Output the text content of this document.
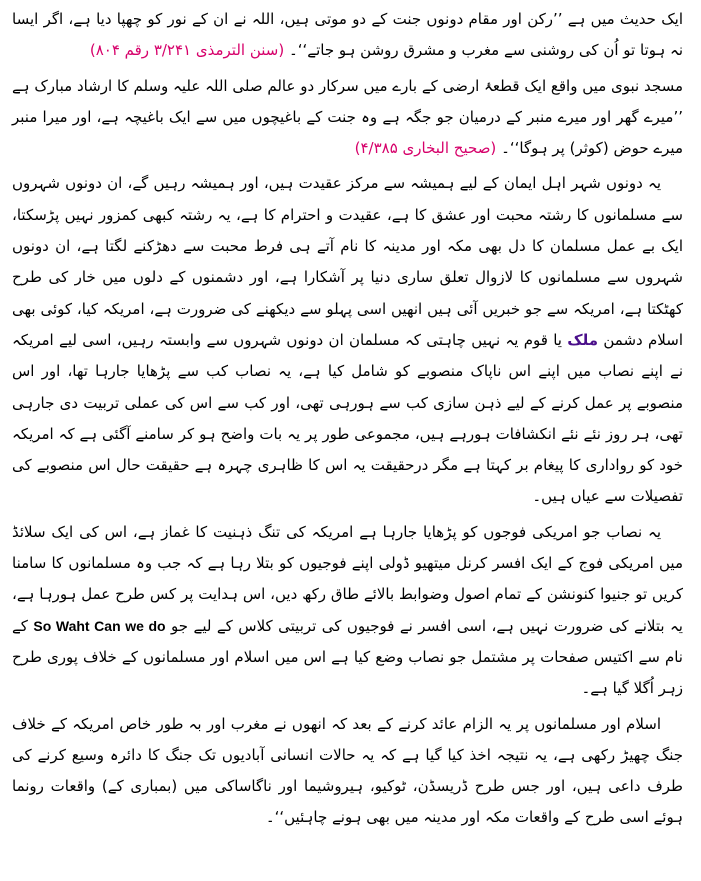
ایک حدیث میں ہے ’’رکن اور مقام دونوں جنت کے دو موتی ہیں، اللہ نے ان کے نور کو چھپا دیا ہے، اگر ایسا نہ ہوتا تو اُن کی روشنی سے مغرب و مشرق روشن ہو جاتے‘‘۔ (سنن الترمذی ۳/۲۴۱ رقم ۸۰۴)

مسجد نبوی میں واقع ایک قطعۂ ارضی کے بارے میں سرکار دو عالم صلی اللہ علیہ وسلم کا ارشاد مبارک ہے ’’میرے گھر اور میرے منبر کے درمیان جو جگہ ہے وہ جنت کے باغیچوں میں سے ایک باغیچہ ہے، اور میرا منبر میرے حوض (کوثر) پر ہوگا‘‘۔ (صحیح البخاری ۴/۳۸۵)

یہ دونوں شہر اہل ایمان کے لیے ہمیشہ سے مرکز عقیدت ہیں، اور ہمیشہ رہیں گے، ان دونوں شہروں سے مسلمانوں کا رشتہ محبت اور عشق کا ہے، عقیدت و احترام کا ہے، یہ رشتہ کبھی کمزور نہیں پڑسکتا، ایک بے عمل مسلمان کا دل بھی مکہ اور مدینہ کا نام آتے ہی فرط محبت سے دھڑکنے لگتا ہے، ان دونوں شہروں سے مسلمانوں کا لازوال تعلق ساری دنیا پر آشکارا ہے، اور دشمنوں کے دلوں میں خار کی طرح کھٹکتا ہے، امریکہ سے جو خبریں آئی ہیں انھیں اسی پہلو سے دیکھنے کی ضرورت ہے، امریکہ کیا، کوئی بھی اسلام دشمن ملک یا قوم یہ نہیں چاہتی کہ مسلمان ان دونوں شہروں سے وابستہ رہیں، اسی لیے امریکہ نے اپنے نصاب میں اپنے اس ناپاک منصوبے کو شامل کیا ہے، یہ نصاب کب سے پڑھایا جارہا تھا، اور اس منصوبے پر عمل کرنے کے لیے ذہن سازی کب سے ہورہی تھی، اور کب سے اس کی عملی تربیت دی جارہی تھی، ہر روز نئے نئے انکشافات ہورہے ہیں، مجموعی طور پر یہ بات واضح ہو کر سامنے آگئی ہے کہ امریکہ خود کو رواداری کا پیغام بر کہتا ہے مگر درحقیقت یہ اس کا ظاہری چہرہ ہے حقیقت حال اس منصوبے کی تفصیلات سے عیاں ہیں۔

یہ نصاب جو امریکی فوجوں کو پڑھایا جارہا ہے امریکہ کی تنگ ذہنیت کا غماز ہے، اس کی ایک سلائڈ میں امریکی فوج کے ایک افسر کرنل میتھیو ڈولی اپنے فوجیوں کو بتلا رہا ہے کہ جب وہ مسلمانوں کا سامنا کریں تو جنیوا کنونشن کے تمام اصول وضوابط بالائے طاق رکھ دیں، اس ہدایت پر کس طرح عمل ہورہا ہے، یہ بتلانے کی ضرورت نہیں ہے، اسی افسر نے فوجیوں کی تربیتی کلاس کے لیے جو So Waht Can we do کے نام سے اکتیس صفحات پر مشتمل جو نصاب وضع کیا ہے اس میں اسلام اور مسلمانوں کے خلاف پوری طرح زہر اُگلا گیا ہے۔

اسلام اور مسلمانوں پر یہ الزام عائد کرنے کے بعد کہ انھوں نے مغرب اور بہ طور خاص امریکہ کے خلاف جنگ چھیڑ رکھی ہے، یہ نتیجہ اخذ کیا گیا ہے کہ یہ حالات انسانی آبادیوں تک جنگ کا دائرہ وسیع کرنے کی طرف داعی ہیں، اور جس طرح ڈریسڈن، ٹوکیو، ہیروشیما اور ناگاساکی میں (بمباری کے) واقعات رونما ہوئے اسی طرح کے واقعات مکہ اور مدینہ میں بھی ہونے چاہئیں‘‘۔
